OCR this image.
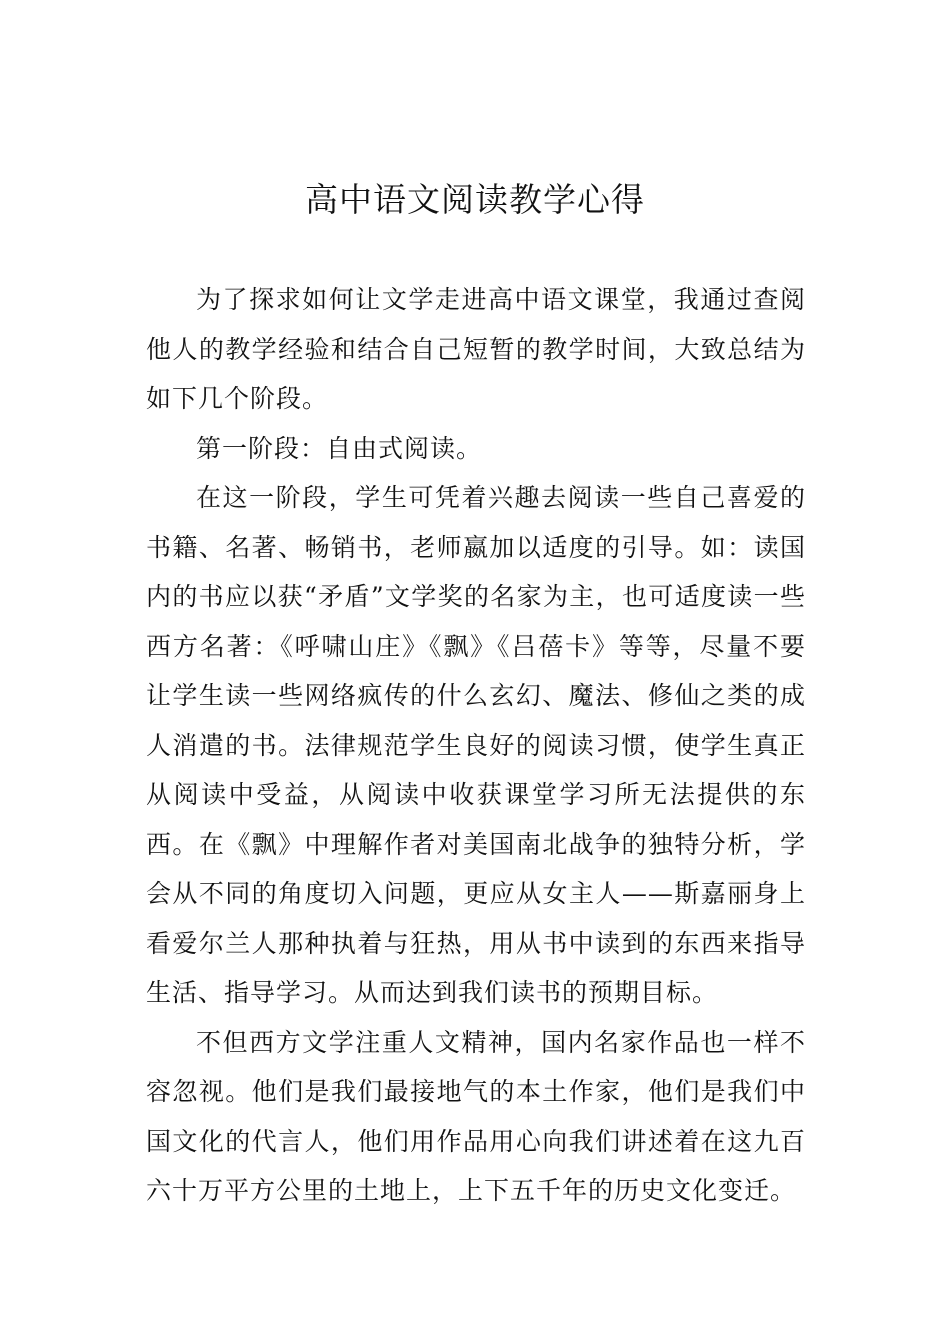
高中语文阅读教学心得

为了探求如何让文学走进高中语文课堂，我通过查阅他人的教学经验和结合自己短暂的教学时间，大致总结为如下几个阶段。

第一阶段：自由式阅读。

在这一阶段，学生可凭着兴趣去阅读一些自己喜爱的书籍、名著、畅销书，老师嬴加以适度的引导。如：读国内的书应以获“矛盾”文学奖的名家为主，也可适度读一些西方名著：《呼啸山庄》《飘》《吕蓓卡》等等，尽量不要让学生读一些网络疯传的什么玄幻、魔法、修仙之类的成人消遣的书。法律规范学生良好的阅读习惯，使学生真正从阅读中受益，从阅读中收获课堂学习所无法提供的东西。在《飘》中理解作者对美国南北战争的独特分析，学会从不同的角度切入问题，更应从女主人——斯嘉丽身上看爱尔兰人那种执着与狂热，用从书中读到的东西来指导生活、指导学习。从而达到我们读书的预期目标。

不但西方文学注重人文精神，国内名家作品也一样不容忽视。他们是我们最接地气的本土作家，他们是我们中国文化的代言人，他们用作品用心向我们讲述着在这九百六十万平方公里的土地上，上下五千年的历史文化变迁。
